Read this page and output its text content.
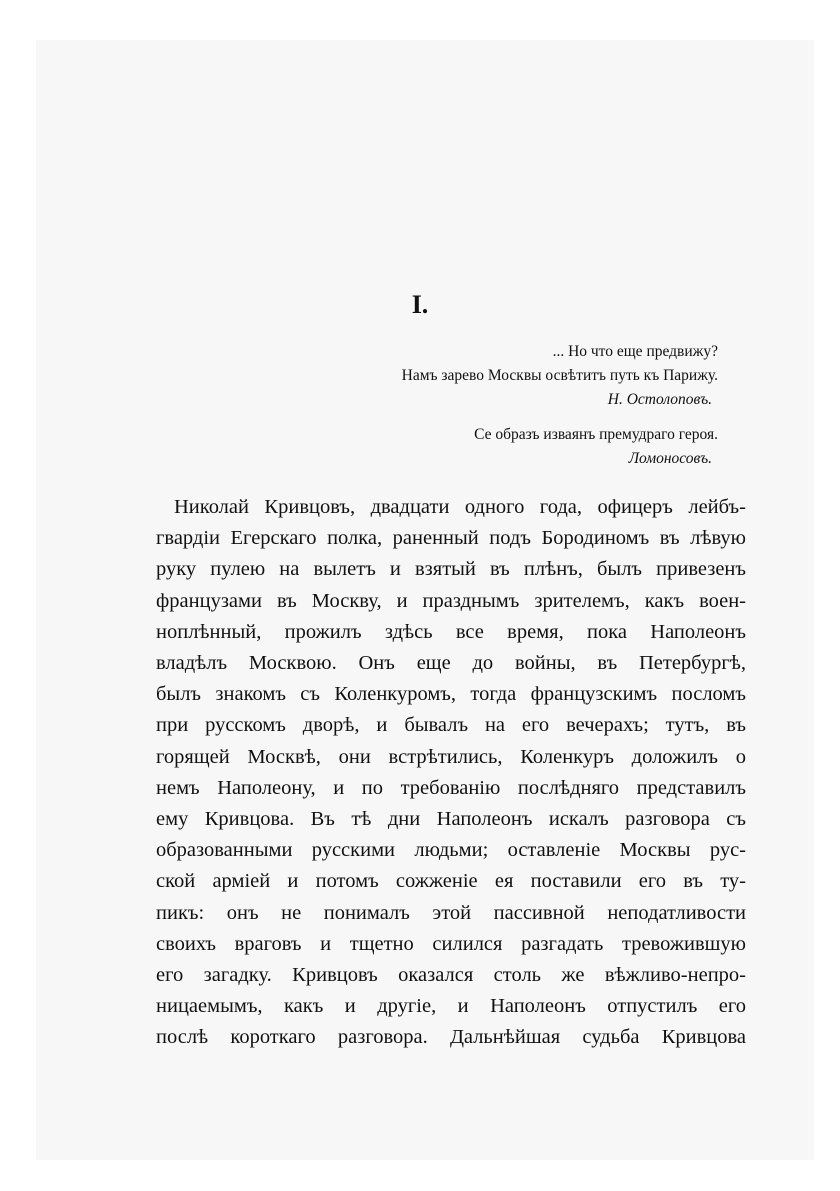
I.
... Но что еще предвижу?
Намъ зарево Москвы освѣтитъ путь къ Парижу.
Н. Остолоповъ.
Се образъ изваянъ премудраго героя.
Ломоносовъ.
Николай Кривцовъ, двадцати одного года, офицеръ лейбъ-
гвардіи Егерскаго полка, раненный подъ Бородиномъ въ лѣвую
руку пулею на вылетъ и взятый въ плѣнъ, былъ привезенъ
французами въ Москву, и празднымъ зрителемъ, какъ воен-
ноплѣнный, прожилъ здѣсь все время, пока Наполеонъ
владѣлъ Москвою. Онъ еще до войны, въ Петербургѣ,
былъ знакомъ съ Коленкуромъ, тогда французскимъ посломъ
при русскомъ дворѣ, и бывалъ на его вечерахъ; тутъ, въ
горящей Москвѣ, они встрѣтились, Коленкуръ доложилъ о
немъ Наполеону, и по требованію послѣдняго представилъ
ему Кривцова. Въ тѣ дни Наполеонъ искалъ разговора съ
образованными русскими людьми; оставленіе Москвы рус-
ской арміей и потомъ сожженіе ея поставили его въ ту-
пикъ: онъ не понималъ этой пассивной неподатливости
своихъ враговъ и тщетно силился разгадать тревожившую
его загадку. Кривцовъ оказался столь же вѣжливо-непро-
ницаемымъ, какъ и другіе, и Наполеонъ отпустилъ его
послѣ короткаго разговора. Дальнѣйшая судьба Кривцова
